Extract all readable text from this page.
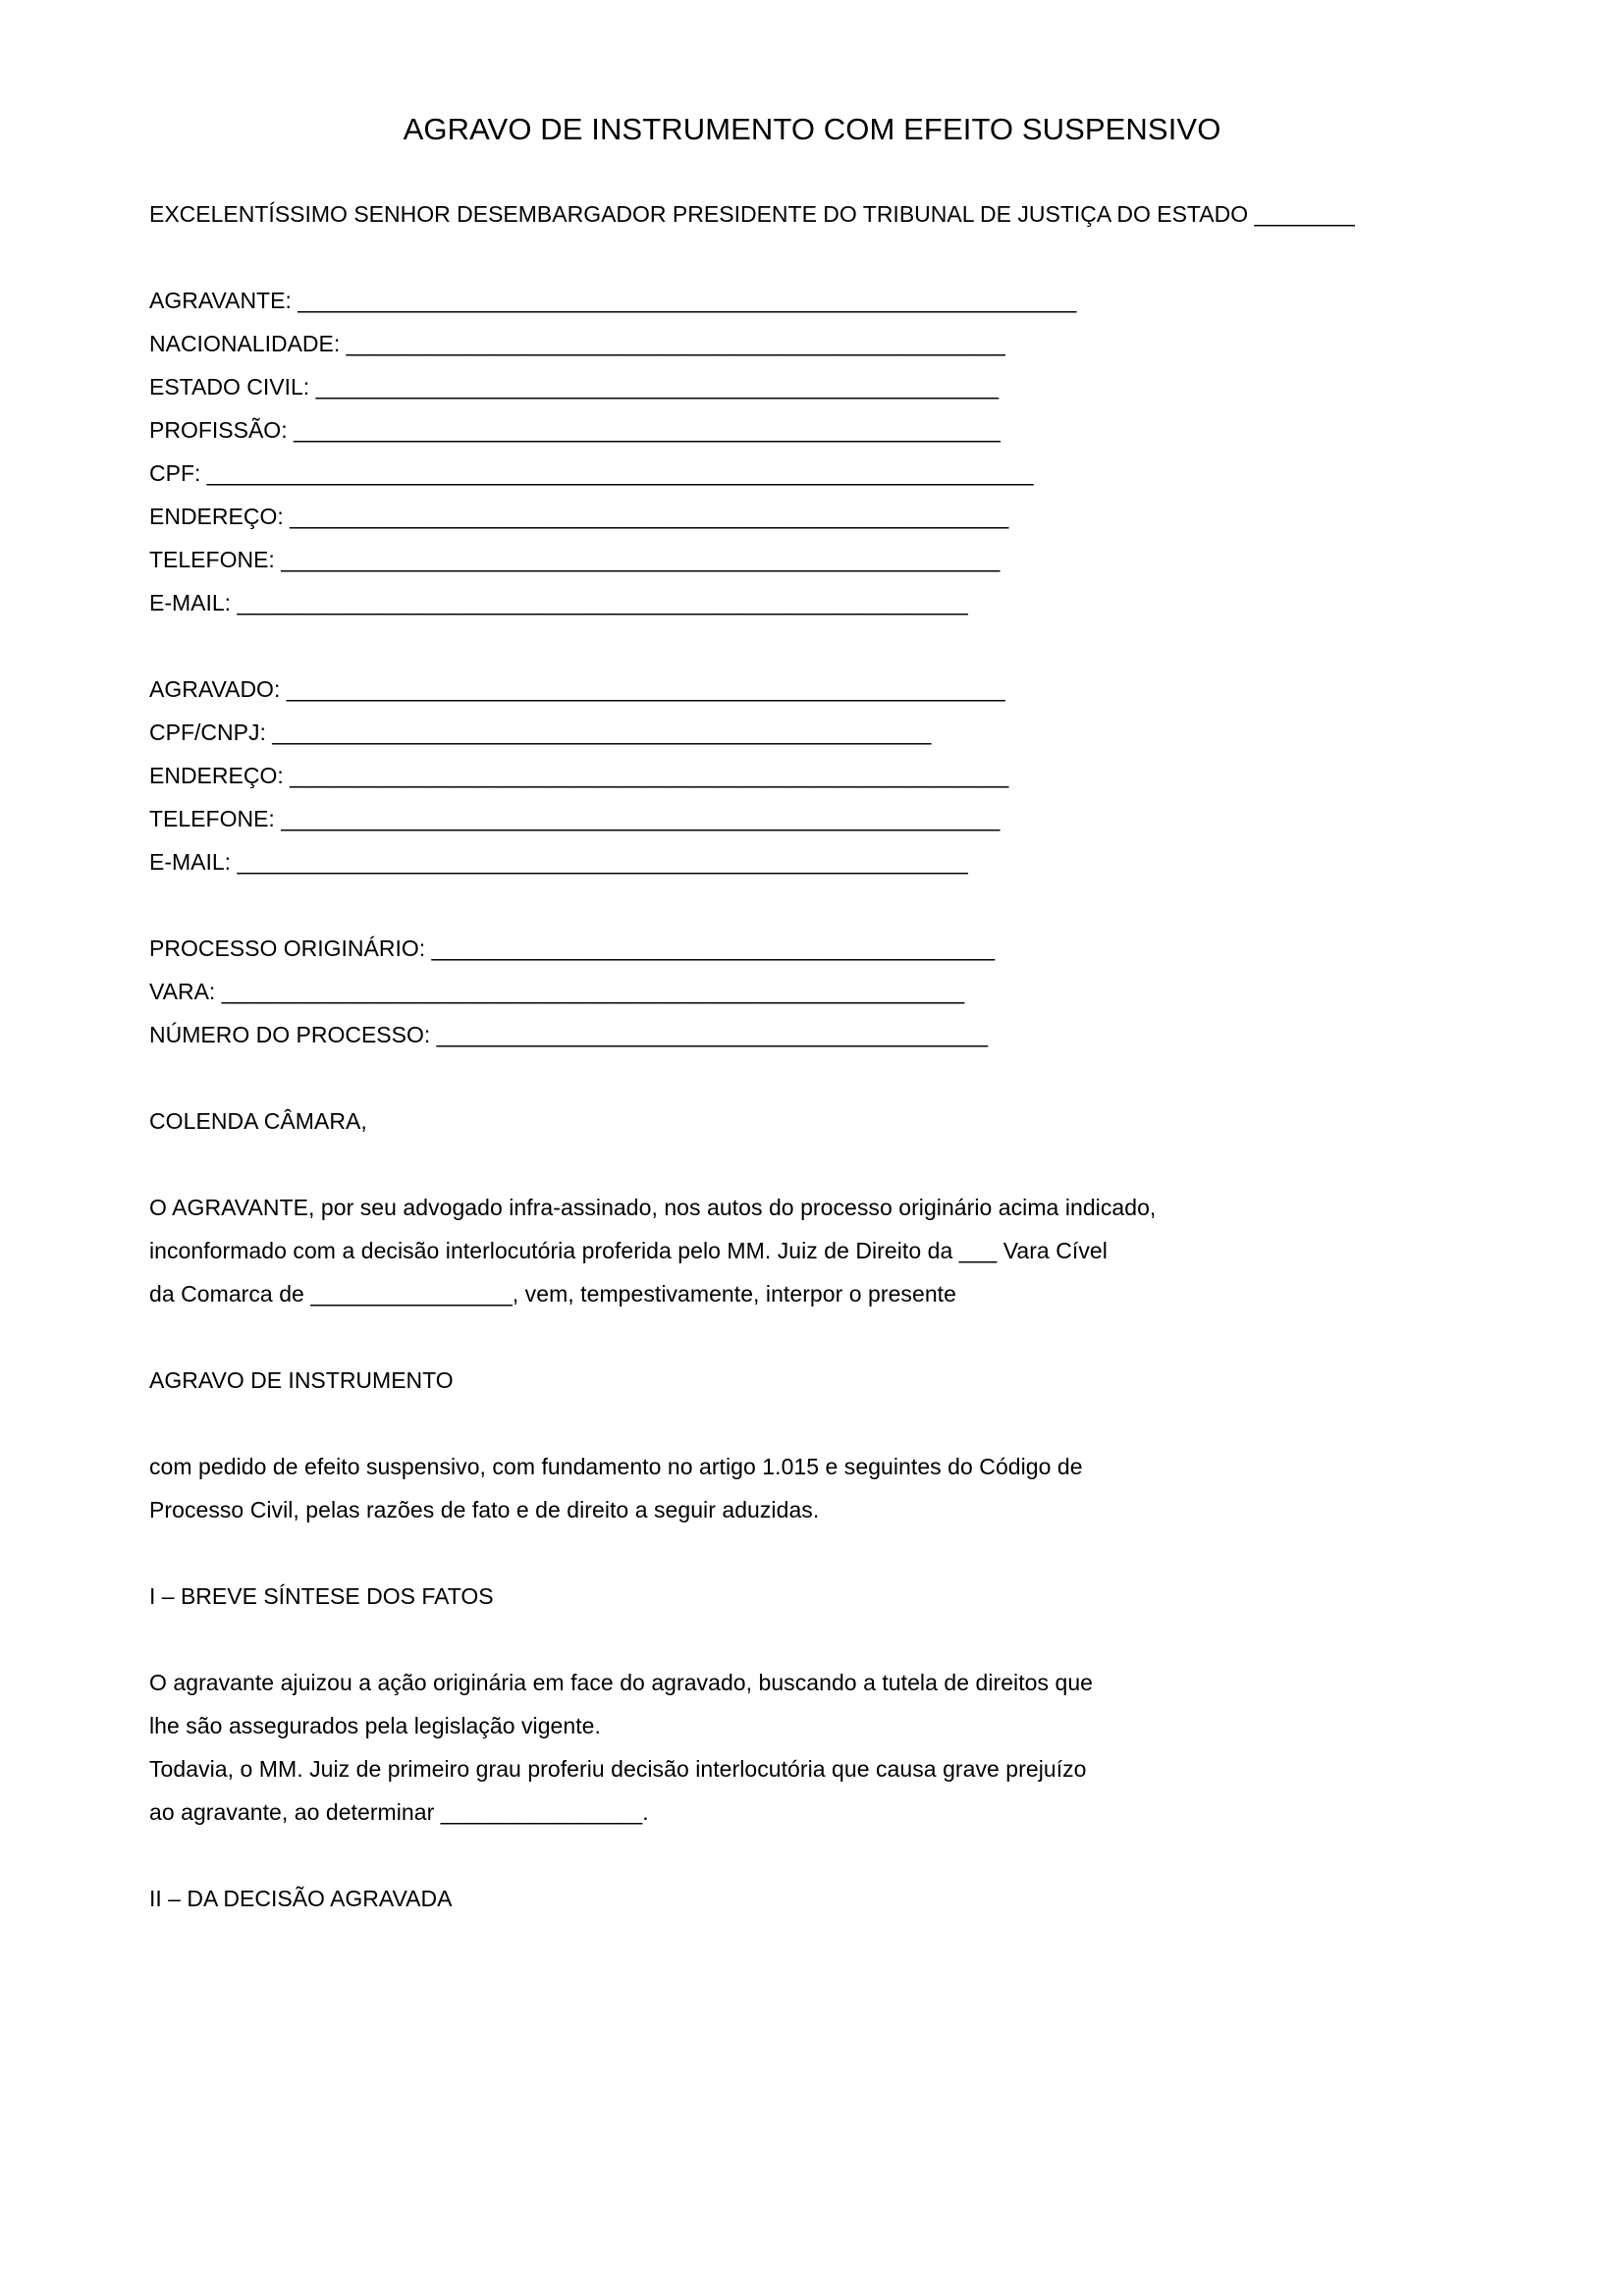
AGRAVO DE INSTRUMENTO COM EFEITO SUSPENSIVO
EXCELENTÍSSIMO SENHOR DESEMBARGADOR PRESIDENTE DO TRIBUNAL DE JUSTIÇA DO ESTADO ________
AGRAVANTE: _________________________________________________________________
NACIONALIDADE: _______________________________________________________
ESTADO CIVIL: _________________________________________________________
PROFISSÃO: ___________________________________________________________
CPF: _____________________________________________________________________
ENDEREÇO: ____________________________________________________________
TELEFONE: ____________________________________________________________
E-MAIL: _____________________________________________________________
AGRAVADO: ____________________________________________________________
CPF/CNPJ: _______________________________________________________
ENDEREÇO: ____________________________________________________________
TELEFONE: ____________________________________________________________
E-MAIL: _____________________________________________________________
PROCESSO ORIGINÁRIO: _______________________________________________
VARA: ______________________________________________________________
NÚMERO DO PROCESSO: ______________________________________________
COLENDA CÂMARA,
O AGRAVANTE, por seu advogado infra-assinado, nos autos do processo originário acima indicado,
inconformado com a decisão interlocutória proferida pelo MM. Juiz de Direito da ___ Vara Cível
da Comarca de ________________, vem, tempestivamente, interpor o presente
AGRAVO DE INSTRUMENTO
com pedido de efeito suspensivo, com fundamento no artigo 1.015 e seguintes do Código de
Processo Civil, pelas razões de fato e de direito a seguir aduzidas.
I – BREVE SÍNTESE DOS FATOS
O agravante ajuizou a ação originária em face do agravado, buscando a tutela de direitos que
lhe são assegurados pela legislação vigente.
Todavia, o MM. Juiz de primeiro grau proferiu decisão interlocutória que causa grave prejuízo
ao agravante, ao determinar ________________.
II – DA DECISÃO AGRAVADA
